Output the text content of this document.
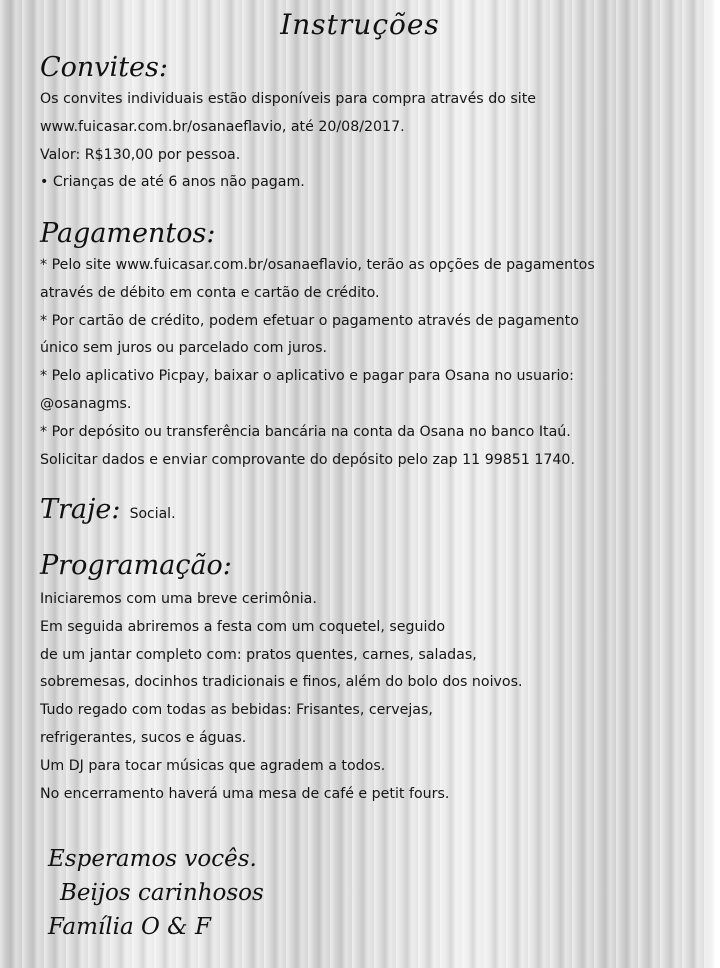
Instruções
Convites:
Os convites individuais estão disponíveis para compra através do site
www.fuicasar.com.br/osanaeflavio, até 20/08/2017.
Valor: R$130,00 por pessoa.
• Crianças de até 6 anos não pagam.
Pagamentos:
* Pelo site www.fuicasar.com.br/osanaeflavio, terão as opções de pagamentos
através de débito em conta e cartão de crédito.
* Por cartão de crédito, podem efetuar o pagamento através de pagamento
único sem juros ou parcelado com juros.
* Pelo aplicativo Picpay, baixar o aplicativo e pagar para Osana no usuario:
@osanagms.
* Por depósito ou transferência bancária na conta da Osana no banco Itaú.
Solicitar dados e enviar comprovante do depósito pelo zap 11 99851 1740.
Traje: Social.
Programação:
Iniciaremos com uma breve cerimônia.
Em seguida abriremos a festa com um coquetel, seguido
de um jantar completo com: pratos quentes, carnes, saladas,
sobremesas, docinhos tradicionais e finos, além do bolo dos noivos.
Tudo regado com todas as bebidas: Frisantes, cervejas,
refrigerantes, sucos e águas.
Um DJ para tocar músicas que agradem a todos.
No encerramento haverá uma mesa de café e petit fours.
Esperamos vocês.
Beijos carinhosos
Família O & F
